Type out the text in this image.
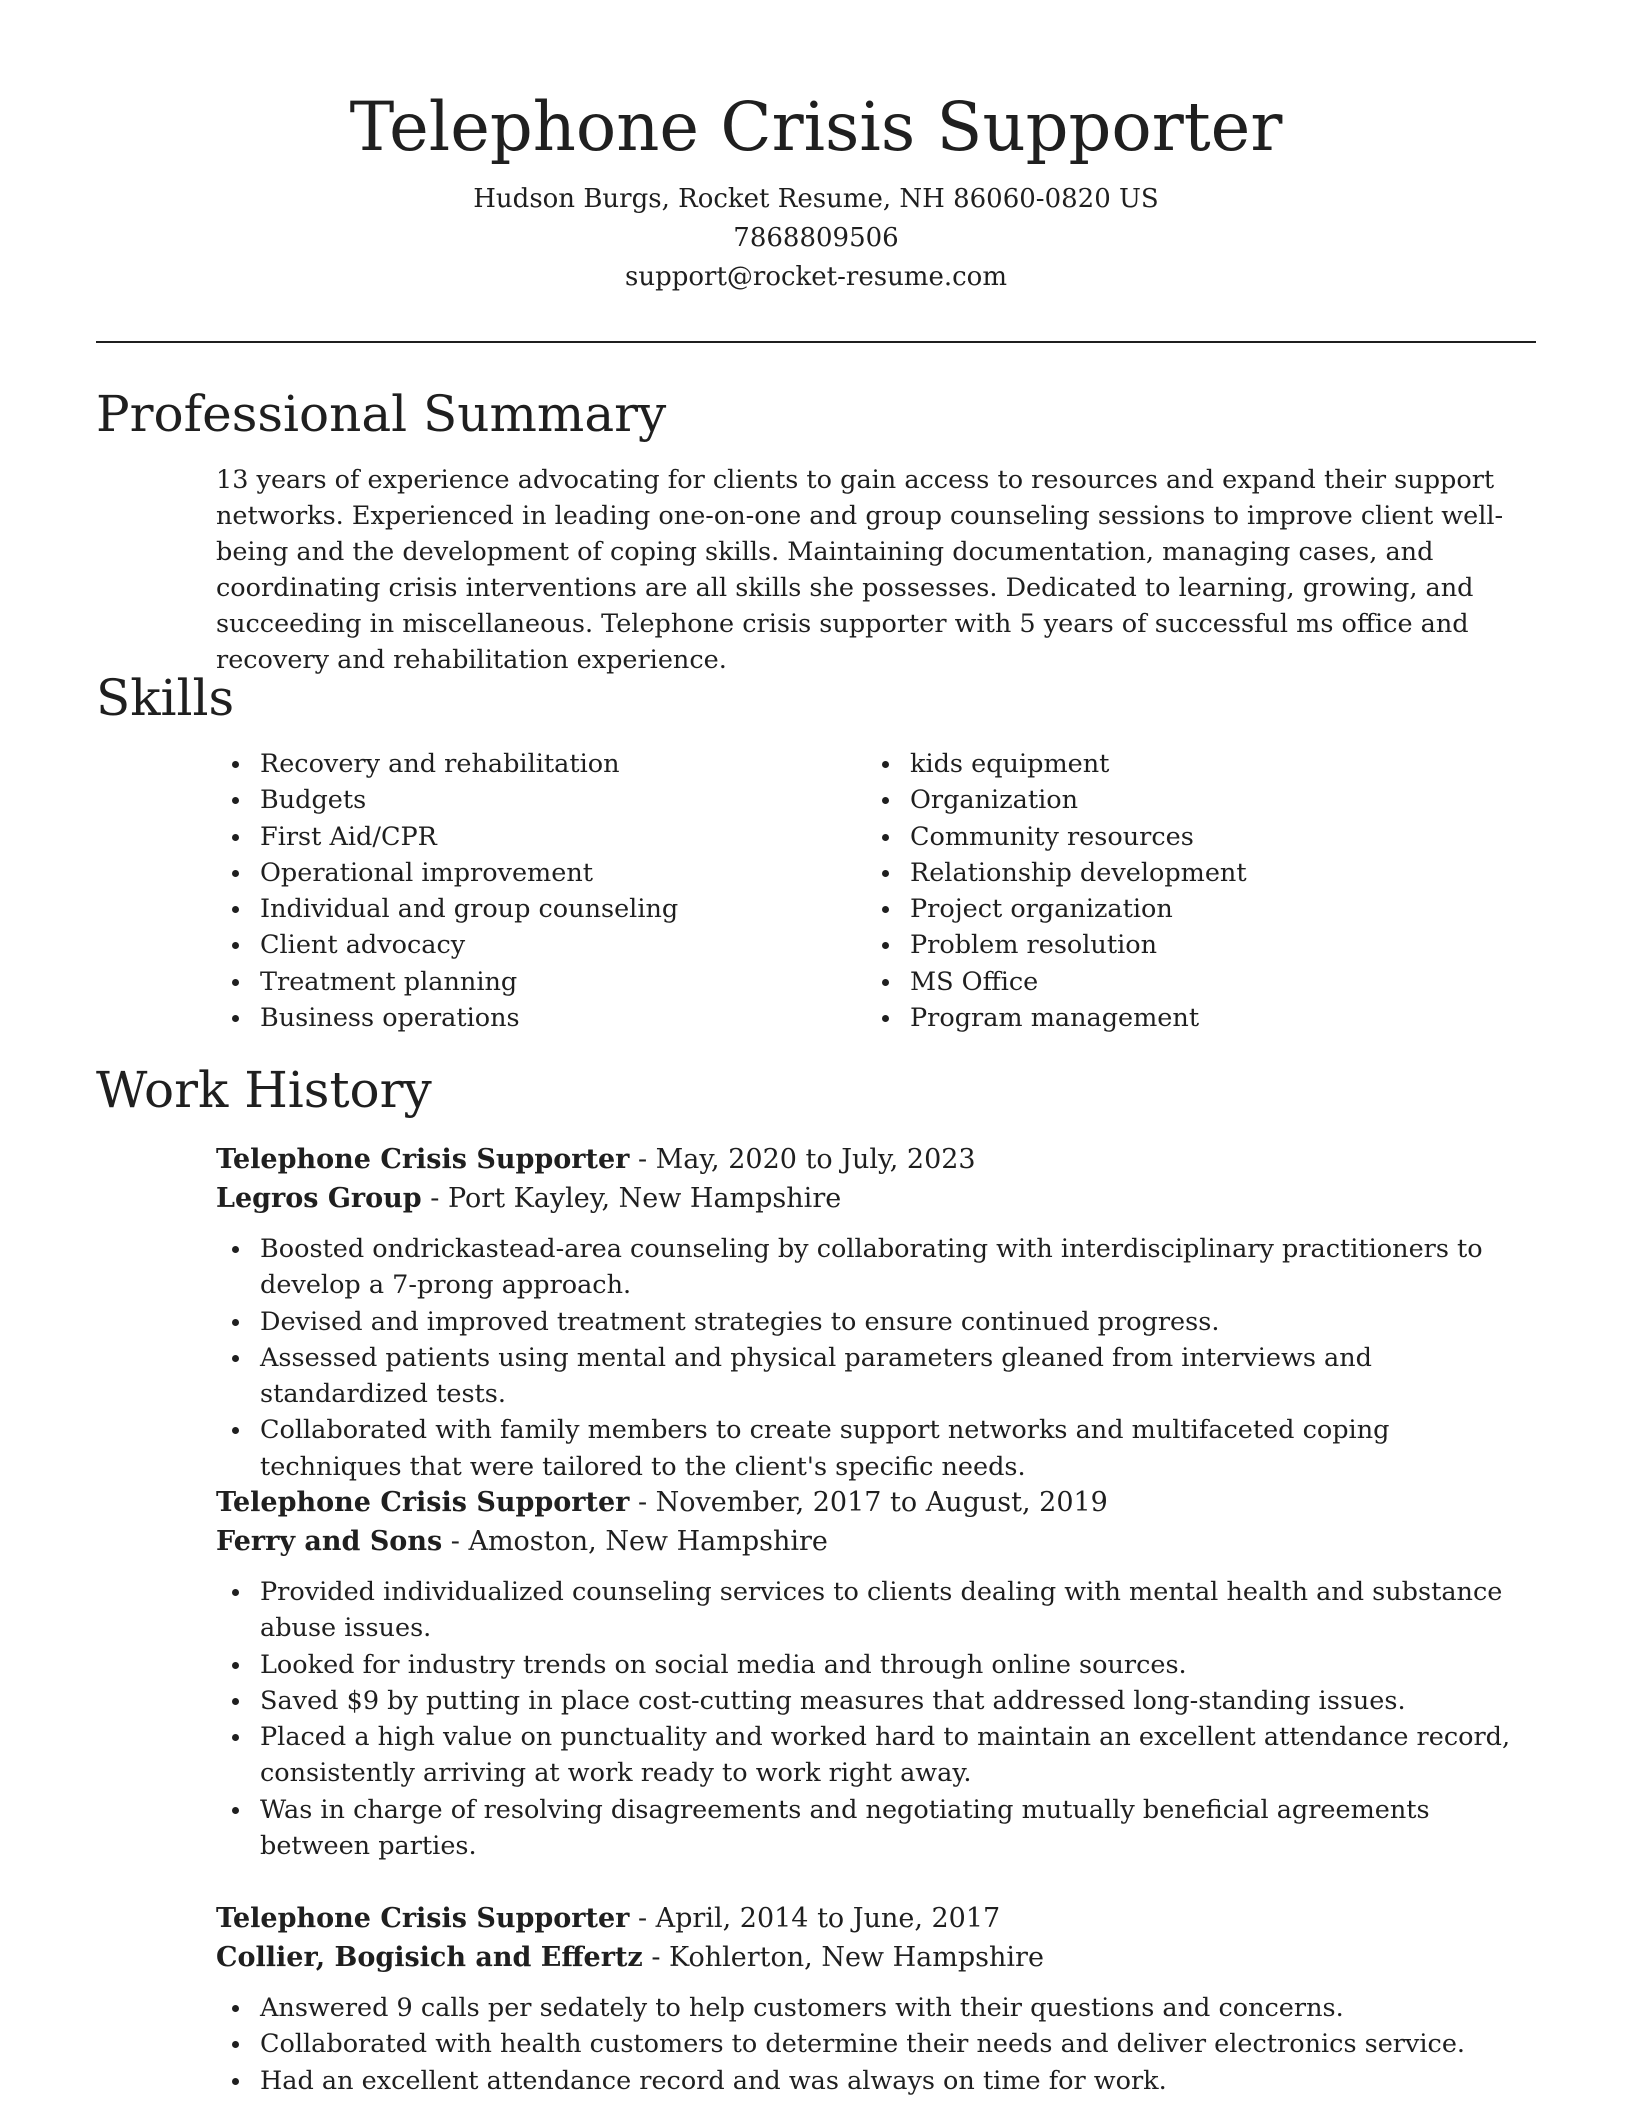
Telephone Crisis Supporter

Hudson Burgs, Rocket Resume, NH 86060-0820 US

7868809506

support@rocket-resume.com

Professional Summary

13 years of experience advocating for clients to gain access to resources and expand their support networks. Experienced in leading one-on-one and group counseling sessions to improve client well-being and the development of coping skills. Maintaining documentation, managing cases, and coordinating crisis interventions are all skills she possesses. Dedicated to learning, growing, and succeeding in miscellaneous. Telephone crisis supporter with 5 years of successful ms office and recovery and rehabilitation experience.

Skills
Recovery and rehabilitation
Budgets
First Aid/CPR
Operational improvement
Individual and group counseling
Client advocacy
Treatment planning
Business operations
kids equipment
Organization
Community resources
Relationship development
Project organization
Problem resolution
MS Office
Program management
Work History

Telephone Crisis Supporter - May, 2020 to July, 2023

Legros Group - Port Kayley, New Hampshire

Boosted ondrickastead-area counseling by collaborating with interdisciplinary practitioners to develop a 7-prong approach.
Devised and improved treatment strategies to ensure continued progress.
Assessed patients using mental and physical parameters gleaned from interviews and standardized tests.
Collaborated with family members to create support networks and multifaceted coping techniques that were tailored to the client's specific needs.

Telephone Crisis Supporter - November, 2017 to August, 2019

Ferry and Sons - Amoston, New Hampshire

Provided individualized counseling services to clients dealing with mental health and substance abuse issues.
Looked for industry trends on social media and through online sources.
Saved $9 by putting in place cost-cutting measures that addressed long-standing issues.
Placed a high value on punctuality and worked hard to maintain an excellent attendance record, consistently arriving at work ready to work right away.
Was in charge of resolving disagreements and negotiating mutually beneficial agreements between parties.

Telephone Crisis Supporter - April, 2014 to June, 2017

Collier, Bogisich and Effertz - Kohlerton, New Hampshire

Answered 9 calls per sedately to help customers with their questions and concerns.
Collaborated with health customers to determine their needs and deliver electronics service.
Had an excellent attendance record and was always on time for work.
